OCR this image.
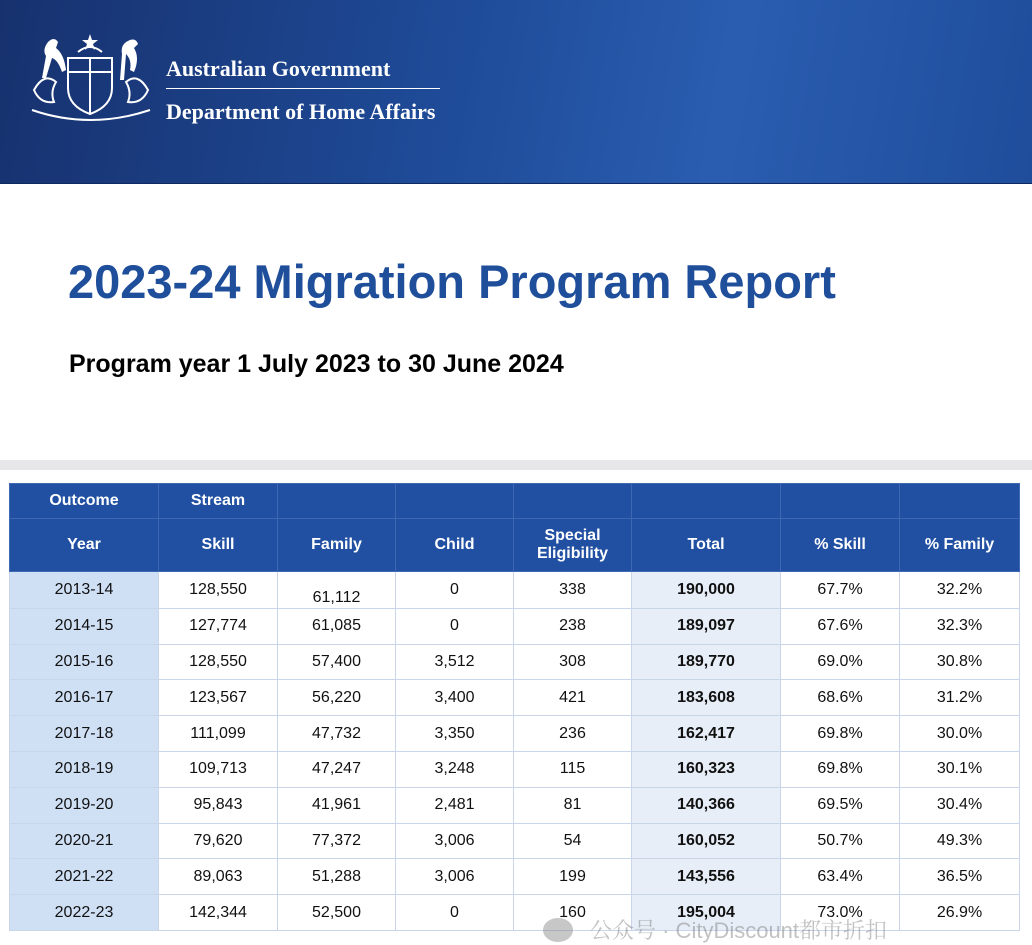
Australian Government
Department of Home Affairs
2023-24 Migration Program Report
Program year 1 July 2023 to 30 June 2024
Outcome	Stream						
Year	Skill	Family	Child	Special Eligibility	Total	% Skill	% Family
2013-14	128,550	61,112	0	338	190,000	67.7%	32.2%
2014-15	127,774	61,085	0	238	189,097	67.6%	32.3%
2015-16	128,550	57,400	3,512	308	189,770	69.0%	30.8%
2016-17	123,567	56,220	3,400	421	183,608	68.6%	31.2%
2017-18	111,099	47,732	3,350	236	162,417	69.8%	30.0%
2018-19	109,713	47,247	3,248	115	160,323	69.8%	30.1%
2019-20	95,843	41,961	2,481	81	140,366	69.5%	30.4%
2020-21	79,620	77,372	3,006	54	160,052	50.7%	49.3%
2021-22	89,063	51,288	3,006	199	143,556	63.4%	36.5%
2022-23	142,344	52,500	0	160	195,004	73.0%	26.9%
公众号 · CityDiscount都市折扣
